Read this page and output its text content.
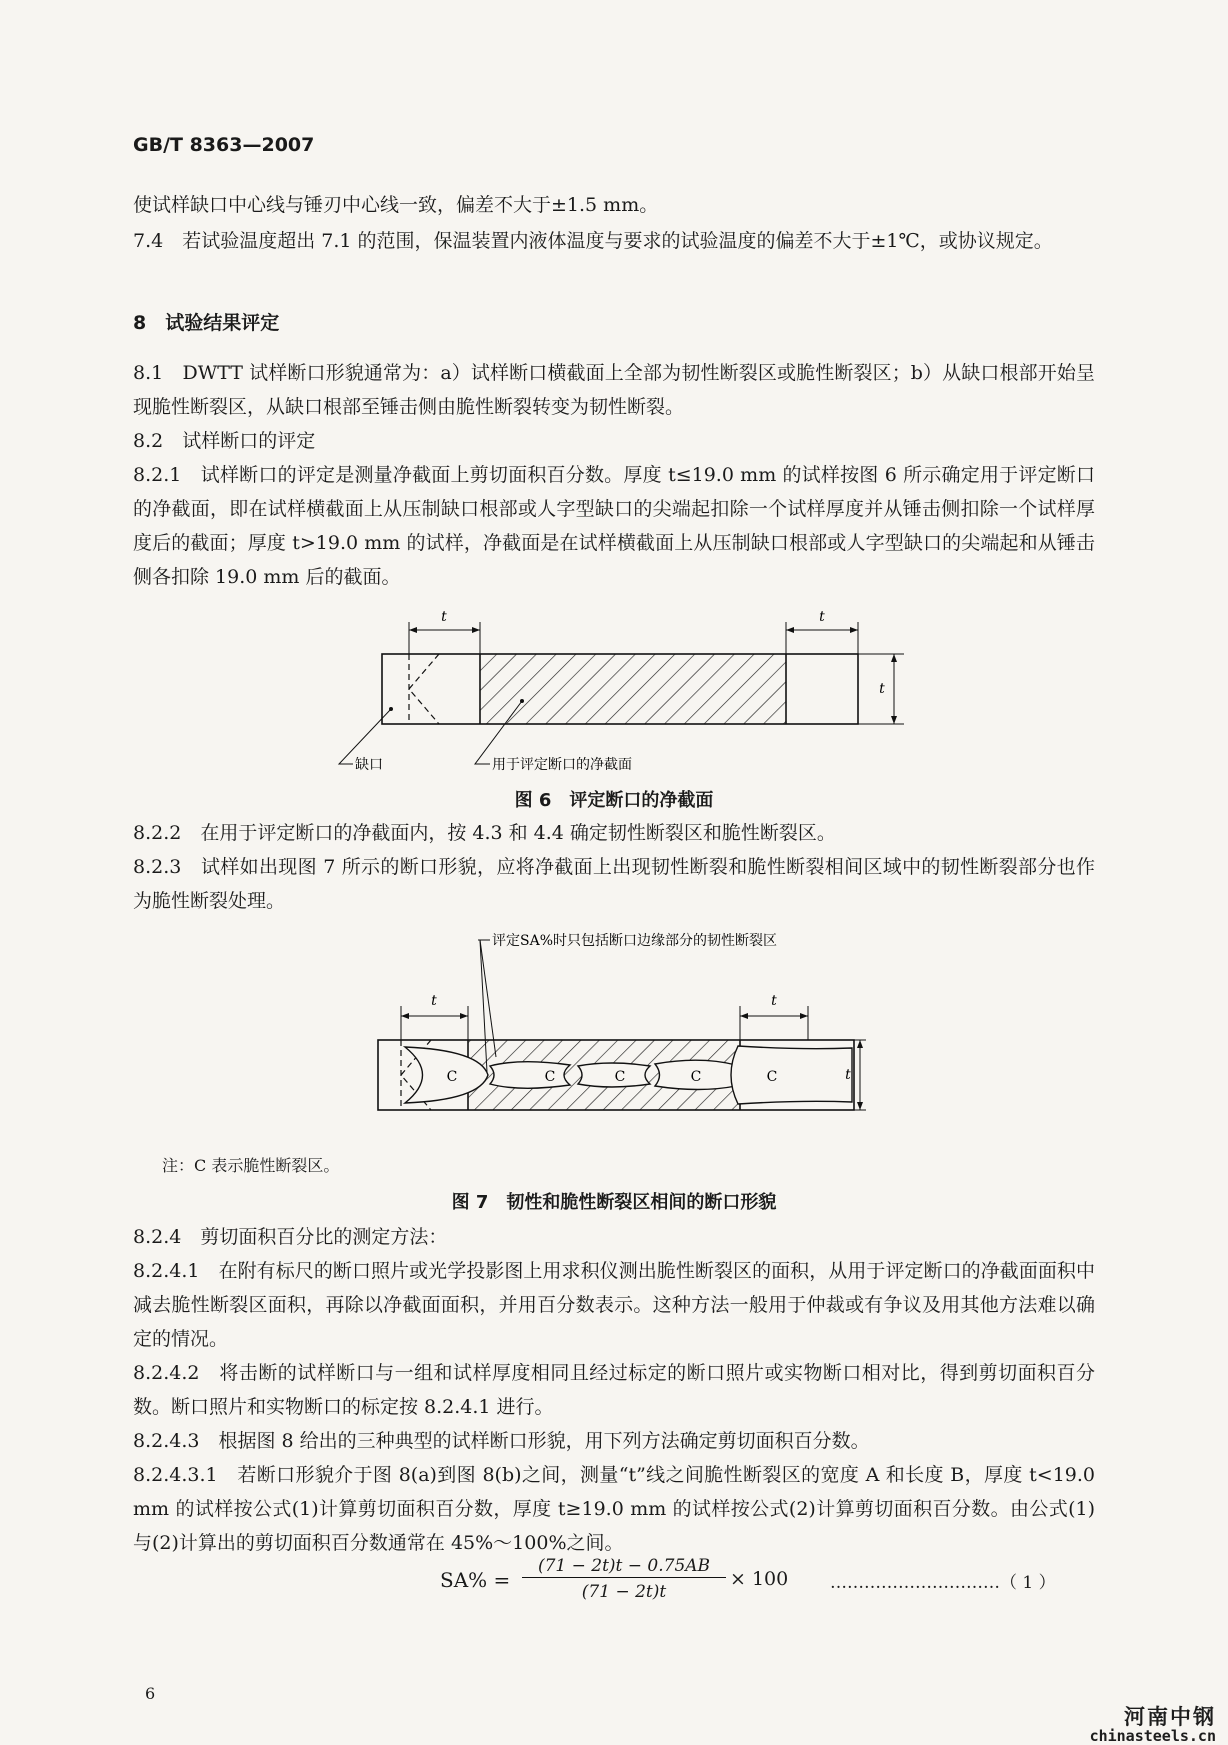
GB/T 8363—2007

使试样缺口中心线与锤刃中心线一致，偏差不大于±1.5 mm。

7.4　若试验温度超出 7.1 的范围，保温装置内液体温度与要求的试验温度的偏差不大于±1℃，或协议规定。

8　试验结果评定

8.1　DWTT 试样断口形貌通常为：a）试样断口横截面上全部为韧性断裂区或脆性断裂区；b）从缺口根部开始呈现脆性断裂区，从缺口根部至锤击侧由脆性断裂转变为韧性断裂。

8.2　试样断口的评定

8.2.1　试样断口的评定是测量净截面上剪切面积百分数。厚度 t≤19.0 mm 的试样按图 6 所示确定用于评定断口的净截面，即在试样横截面上从压制缺口根部或人字型缺口的尖端起扣除一个试样厚度并从锤击侧扣除一个试样厚度后的截面；厚度 t>19.0 mm 的试样，净截面是在试样横截面上从压制缺口根部或人字型缺口的尖端起和从锤击侧各扣除 19.0 mm 后的截面。

t	t
t
缺口	用于评定断口的净截面
图 6　评定断口的净截面

8.2.2　在用于评定断口的净截面内，按 4.3 和 4.4 确定韧性断裂区和脆性断裂区。

8.2.3　试样如出现图 7 所示的断口形貌，应将净截面上出现韧性断裂和脆性断裂相间区域中的韧性断裂部分也作为脆性断裂处理。

C	C	C	C	C
t	t
t
评定SA%时只包括断口边缘部分的韧性断裂区
注：C 表示脆性断裂区。
图 7　韧性和脆性断裂区相间的断口形貌

8.2.4　剪切面积百分比的测定方法：

8.2.4.1　在附有标尺的断口照片或光学投影图上用求积仪测出脆性断裂区的面积，从用于评定断口的净截面面积中减去脆性断裂区面积，再除以净截面面积，并用百分数表示。这种方法一般用于仲裁或有争议及用其他方法难以确定的情况。

8.2.4.2　将击断的试样断口与一组和试样厚度相同且经过标定的断口照片或实物断口相对比，得到剪切面积百分数。断口照片和实物断口的标定按 8.2.4.1 进行。

8.2.4.3　根据图 8 给出的三种典型的试样断口形貌，用下列方法确定剪切面积百分数。

8.2.4.3.1　若断口形貌介于图 8(a)到图 8(b)之间，测量“t”线之间脆性断裂区的宽度 A 和长度 B，厚度 t<19.0 mm 的试样按公式(1)计算剪切面积百分数，厚度 t≥19.0 mm 的试样按公式(2)计算剪切面积百分数。由公式(1)与(2)计算出的剪切面积百分数通常在 45%～100%之间。

SA% =
(71 − 2t)t − 0.75AB
(71 − 2t)t
× 100 …………………………（ 1 ）
6
河南中钢
chinasteels.cn
